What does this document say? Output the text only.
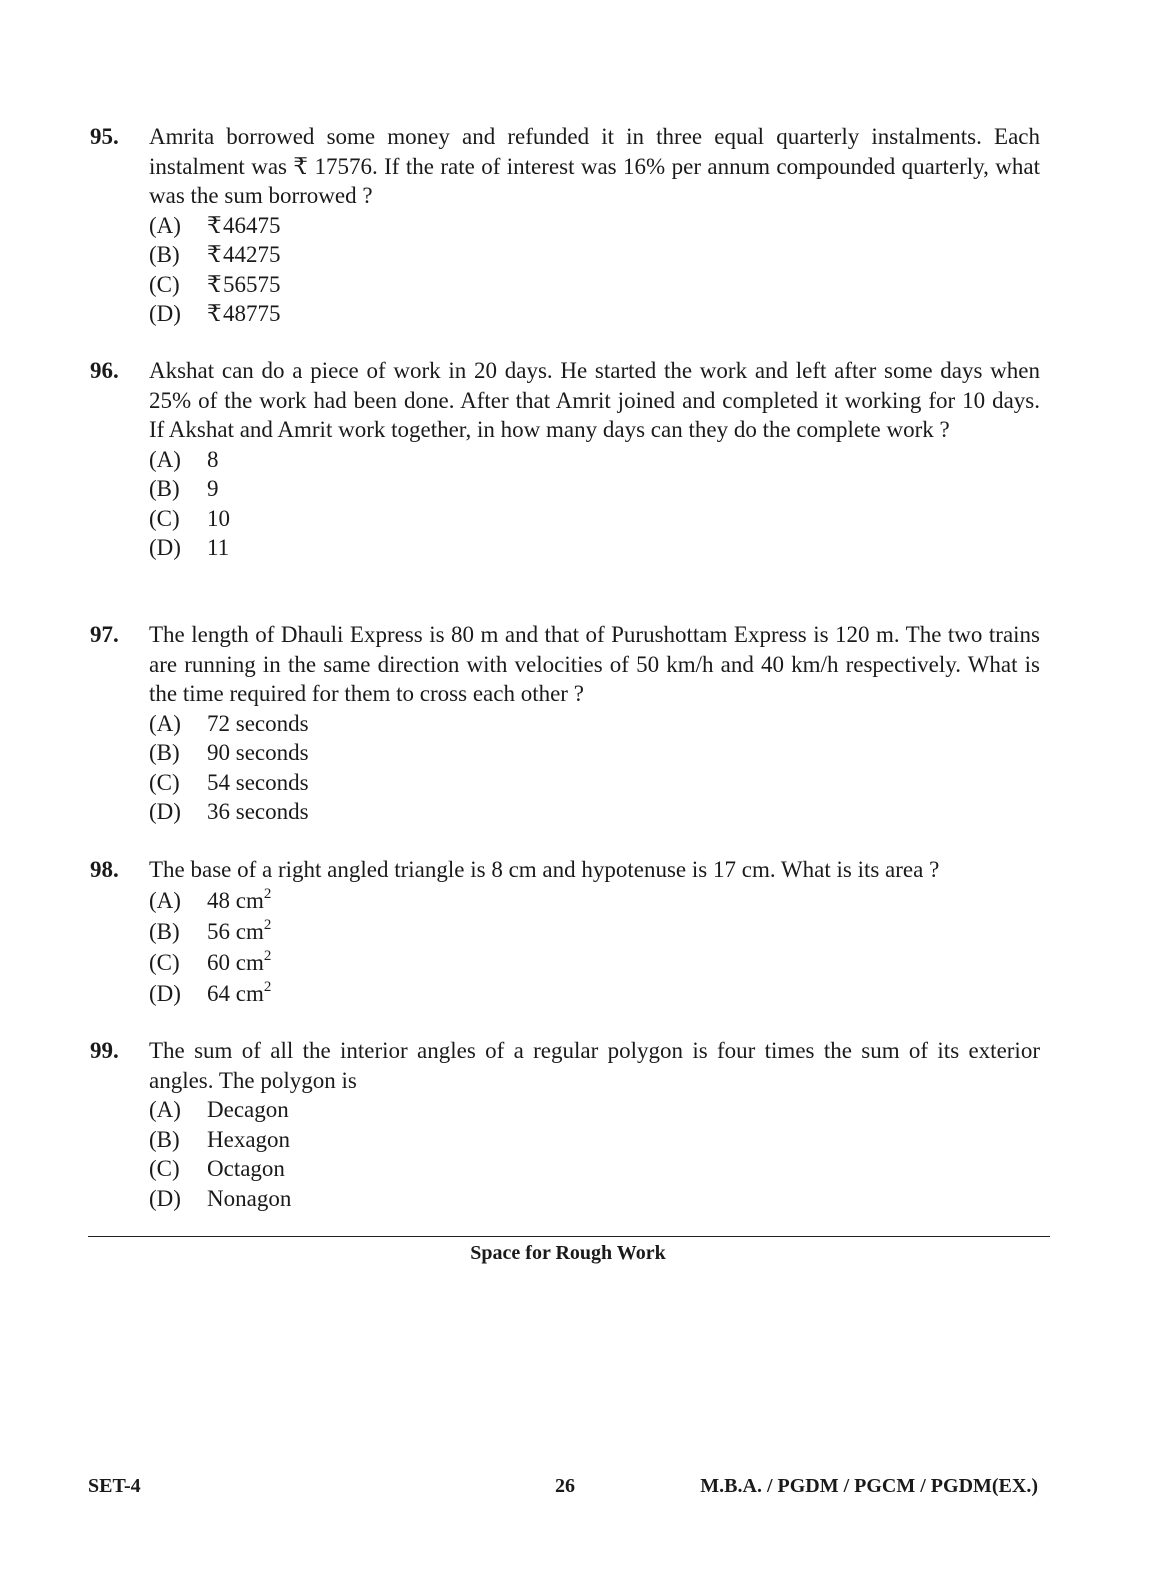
95. Amrita borrowed some money and refunded it in three equal quarterly instalments. Each instalment was ₹ 17576. If the rate of interest was 16% per annum compounded quarterly, what was the sum borrowed ?
(A) ₹46475
(B) ₹44275
(C) ₹56575
(D) ₹48775
96. Akshat can do a piece of work in 20 days. He started the work and left after some days when 25% of the work had been done. After that Amrit joined and completed it working for 10 days. If Akshat and Amrit work together, in how many days can they do the complete work ?
(A) 8
(B) 9
(C) 10
(D) 11
97. The length of Dhauli Express is 80 m and that of Purushottam Express is 120 m. The two trains are running in the same direction with velocities of 50 km/h and 40 km/h respectively. What is the time required for them to cross each other ?
(A) 72 seconds
(B) 90 seconds
(C) 54 seconds
(D) 36 seconds
98. The base of a right angled triangle is 8 cm and hypotenuse is 17 cm. What is its area ?
(A) 48 $cm^2$
(B) 56 $cm^2$
(C) 60 $cm^2$
(D) 64 $cm^2$
99. The sum of all the interior angles of a regular polygon is four times the sum of its exterior angles. The polygon is
(A) Decagon
(B) Hexagon
(C) Octagon
(D) Nonagon
Space for Rough Work
SET-4	26	M.B.A. / PGDM / PGCM / PGDM(EX.)
